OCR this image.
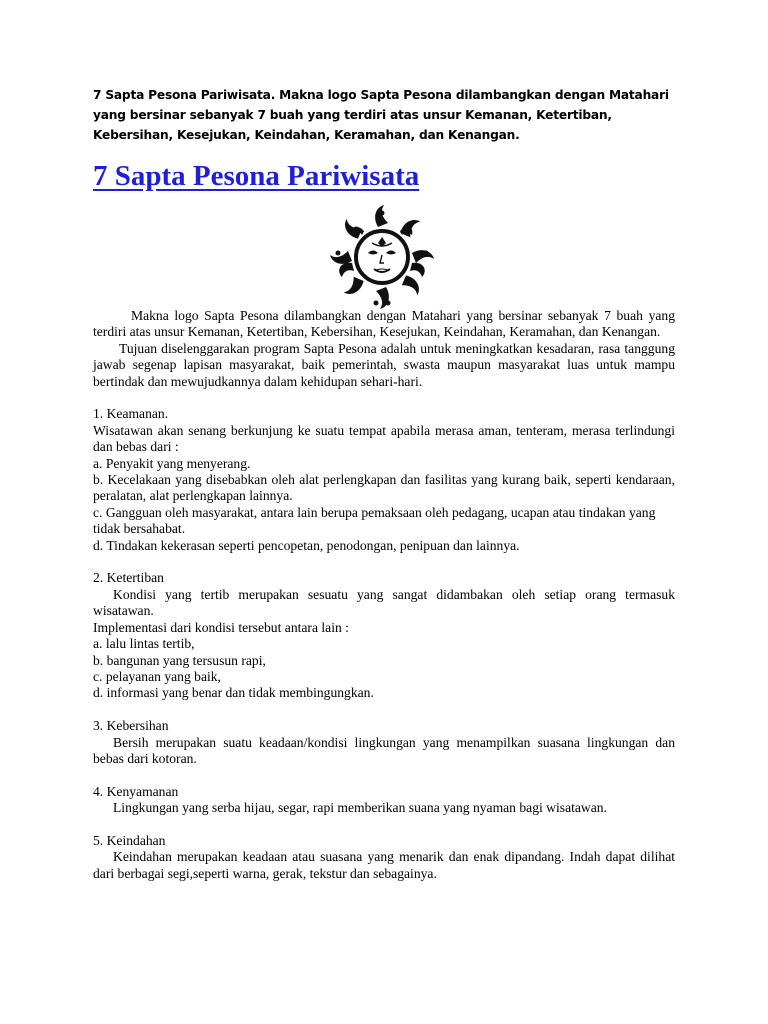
7 Sapta Pesona Pariwisata. Makna logo Sapta Pesona dilambangkan dengan Matahari yang bersinar sebanyak 7 buah yang terdiri atas unsur Kemanan, Ketertiban, Kebersihan, Kesejukan, Keindahan, Keramahan, dan Kenangan.
7 Sapta Pesona Pariwisata

Makna logo Sapta Pesona dilambangkan dengan Matahari yang bersinar sebanyak 7 buah yang terdiri atas unsur Kemanan, Ketertiban, Kebersihan, Kesejukan, Keindahan, Keramahan, dan Kenangan.

Tujuan diselenggarakan program Sapta Pesona adalah untuk meningkatkan kesadaran, rasa tanggung jawab segenap lapisan masyarakat, baik pemerintah, swasta maupun masyarakat luas untuk mampu bertindak dan mewujudkannya dalam kehidupan sehari-hari.

1. Keamanan.

Wisatawan akan senang berkunjung ke suatu tempat apabila merasa aman, tenteram, merasa terlindungi dan bebas dari :

a. Penyakit yang menyerang.

b. Kecelakaan yang disebabkan oleh alat perlengkapan dan fasilitas yang kurang baik, seperti kendaraan, peralatan, alat perlengkapan lainnya.

c. Gangguan oleh masyarakat, antara lain berupa pemaksaan oleh pedagang, ucapan atau tindakan yang tidak bersahabat.

d. Tindakan kekerasan seperti pencopetan, penodongan, penipuan dan lainnya.

2. Ketertiban

Kondisi yang tertib merupakan sesuatu yang sangat didambakan oleh setiap orang termasuk wisatawan.

Implementasi dari kondisi tersebut antara lain :

a. lalu lintas tertib,

b. bangunan yang tersusun rapi,

c. pelayanan yang baik,

d. informasi yang benar dan tidak membingungkan.

3. Kebersihan

Bersih merupakan suatu keadaan/kondisi lingkungan yang menampilkan suasana lingkungan dan bebas dari kotoran.

4. Kenyamanan

Lingkungan yang serba hijau, segar, rapi memberikan suana yang nyaman bagi wisatawan.

5. Keindahan

Keindahan merupakan keadaan atau suasana yang menarik dan enak dipandang. Indah dapat dilihat dari berbagai segi,seperti warna, gerak, tekstur dan sebagainya.
